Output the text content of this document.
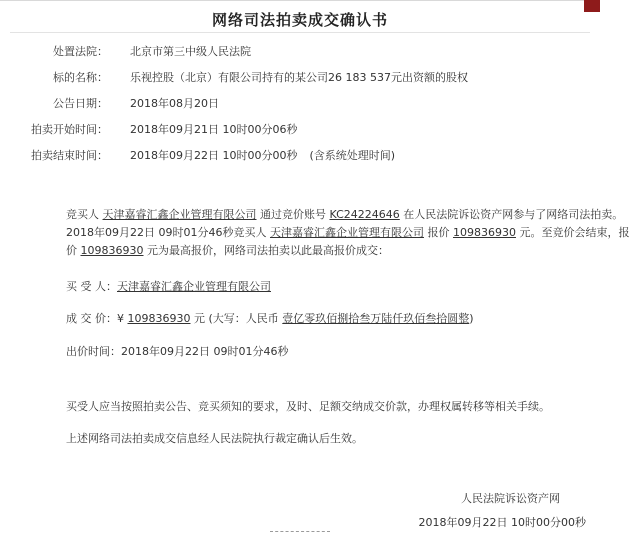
网络司法拍卖成交确认书
处置法院： 北京市第三中级人民法院
标的名称： 乐视控股（北京）有限公司持有的某公司26 183 537元出资额的股权
公告日期： 2018年08月20日
拍卖开始时间： 2018年09月21日 10时00分06秒
拍卖结束时间： 2018年09月22日 10时00分00秒 (含系统处理时间)
竞买人 天津嘉睿汇鑫企业管理有限公司 通过竞价账号 KC24224646 在人民法院诉讼资产网参与了网络司法拍卖。
2018年09月22日 09时01分46秒竞买人 天津嘉睿汇鑫企业管理有限公司 报价 109836930 元。至竞价会结束，报
价 109836930 元为最高报价，网络司法拍卖以此最高报价成交：
买 受 人：天津嘉睿汇鑫企业管理有限公司
成 交 价：¥ 109836930 元 (大写：人民币 壹亿零玖佰捌拾叁万陆仟玖佰叁拾圆整)
出价时间：2018年09月22日 09时01分46秒
买受人应当按照拍卖公告、竞买须知的要求，及时、足额交纳成交价款，办理权属转移等相关手续。
上述网络司法拍卖成交信息经人民法院执行裁定确认后生效。
人民法院诉讼资产网
2018年09月22日 10时00分00秒
